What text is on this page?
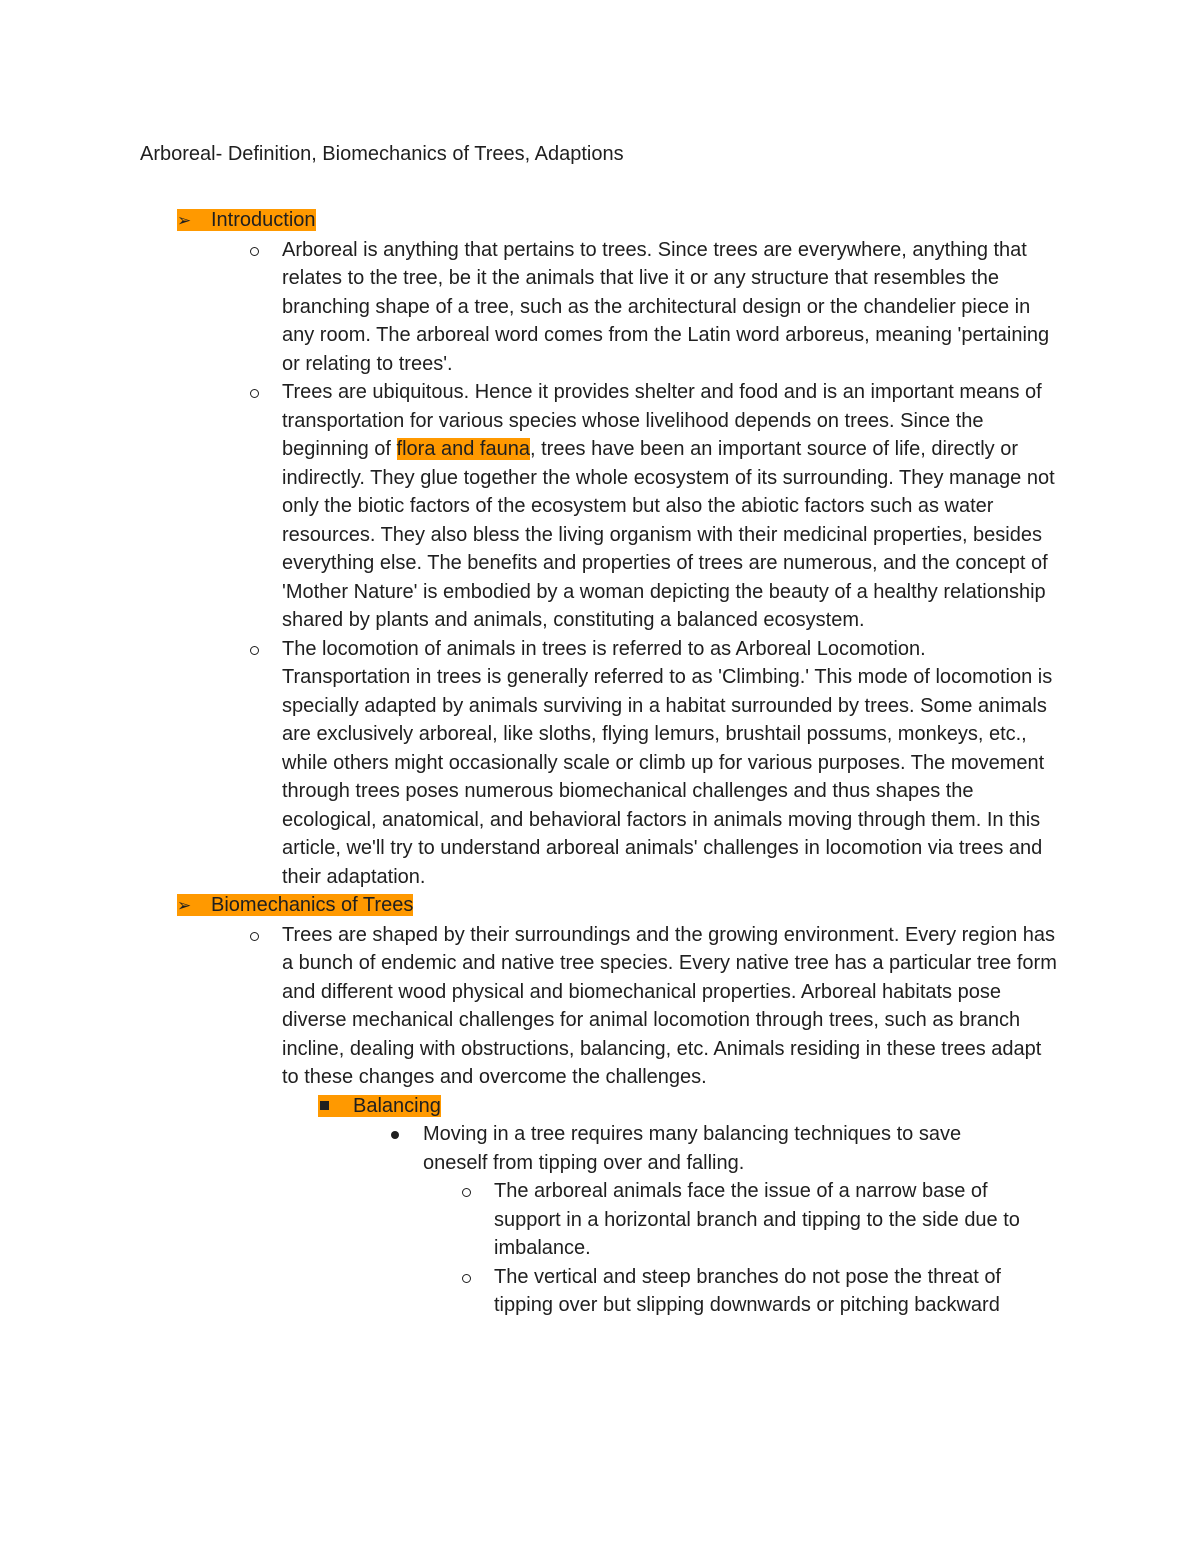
Arboreal- Definition, Biomechanics of Trees, Adaptions
➢ Introduction
Arboreal is anything that pertains to trees. Since trees are everywhere, anything that relates to the tree, be it the animals that live it or any structure that resembles the branching shape of a tree, such as the architectural design or the chandelier piece in any room. The arboreal word comes from the Latin word arboreus, meaning 'pertaining or relating to trees'.
Trees are ubiquitous. Hence it provides shelter and food and is an important means of transportation for various species whose livelihood depends on trees. Since the beginning of flora and fauna, trees have been an important source of life, directly or indirectly. They glue together the whole ecosystem of its surrounding. They manage not only the biotic factors of the ecosystem but also the abiotic factors such as water resources. They also bless the living organism with their medicinal properties, besides everything else. The benefits and properties of trees are numerous, and the concept of 'Mother Nature' is embodied by a woman depicting the beauty of a healthy relationship shared by plants and animals, constituting a balanced ecosystem.
The locomotion of animals in trees is referred to as Arboreal Locomotion. Transportation in trees is generally referred to as 'Climbing.' This mode of locomotion is specially adapted by animals surviving in a habitat surrounded by trees. Some animals are exclusively arboreal, like sloths, flying lemurs, brushtail possums, monkeys, etc., while others might occasionally scale or climb up for various purposes. The movement through trees poses numerous biomechanical challenges and thus shapes the ecological, anatomical, and behavioral factors in animals moving through them. In this article, we'll try to understand arboreal animals' challenges in locomotion via trees and their adaptation.
➢ Biomechanics of Trees
Trees are shaped by their surroundings and the growing environment. Every region has a bunch of endemic and native tree species. Every native tree has a particular tree form and different wood physical and biomechanical properties. Arboreal habitats pose diverse mechanical challenges for animal locomotion through trees, such as branch incline, dealing with obstructions, balancing, etc. Animals residing in these trees adapt to these changes and overcome the challenges.
Balancing
Moving in a tree requires many balancing techniques to save oneself from tipping over and falling.
The arboreal animals face the issue of a narrow base of support in a horizontal branch and tipping to the side due to imbalance.
The vertical and steep branches do not pose the threat of tipping over but slipping downwards or pitching backward
